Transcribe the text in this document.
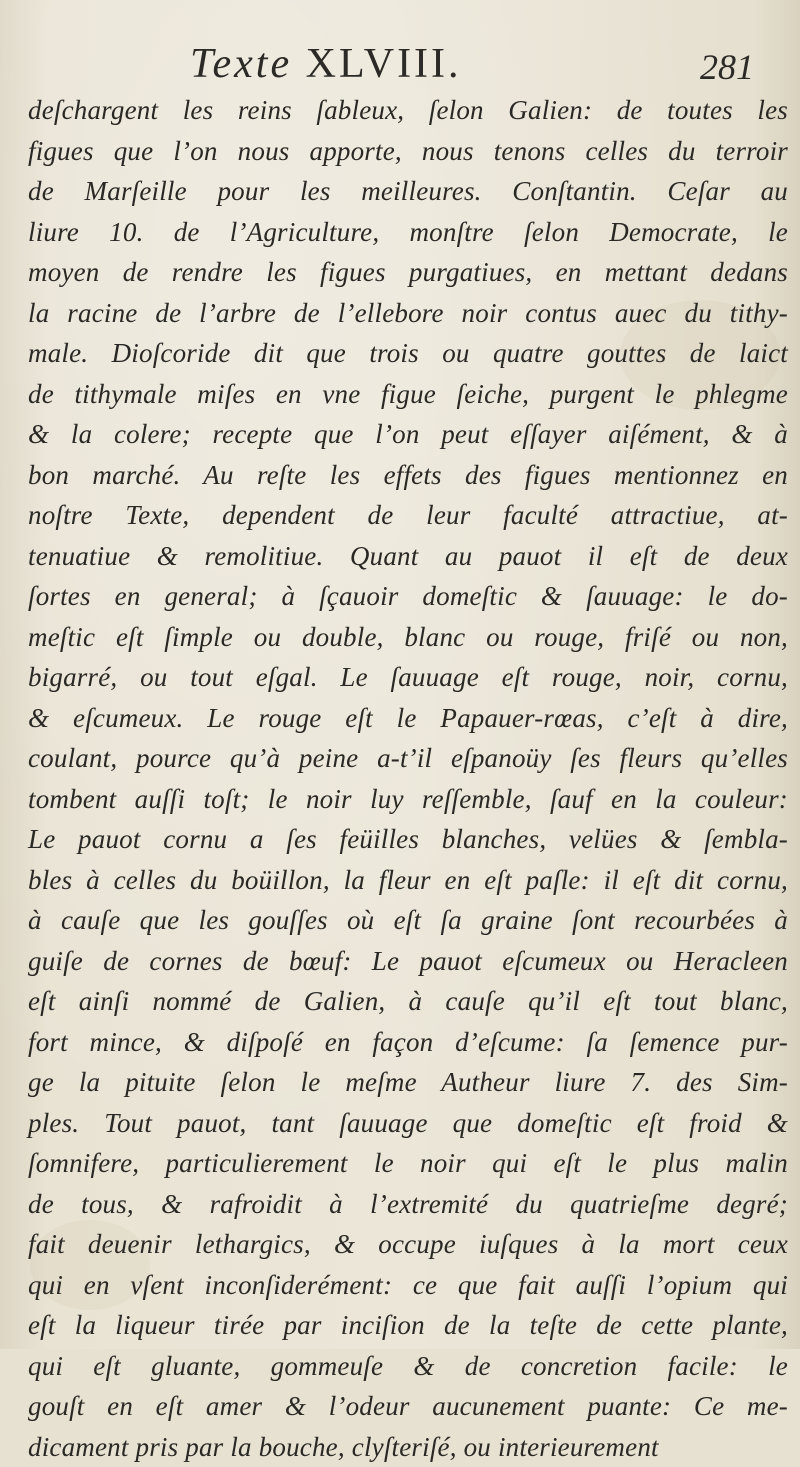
Texte XLVIII.	281
deſchargent les reins ſableux, ſelon Galien: de toutes les
figues que l’on nous apporte, nous tenons celles du terroir
de Marſeille pour les meilleures. Conſtantin. Ceſar au
liure 10. de l’Agriculture, monſtre ſelon Democrate, le
moyen de rendre les figues purgatiues, en mettant dedans
la racine de l’arbre de l’ellebore noir contus auec du tithy-
male. Dioſcoride dit que trois ou quatre gouttes de laict
de tithymale miſes en vne figue ſeiche, purgent le phlegme
& la colere; recepte que l’on peut eſſayer aiſément, & à
bon marché. Au reſte les effets des figues mentionnez en
noſtre Texte, dependent de leur faculté attractiue, at-
tenuatiue & remolitiue. Quant au pauot il eſt de deux
ſortes en general; à ſçauoir domeſtic & ſauuage: le do-
meſtic eſt ſimple ou double, blanc ou rouge, friſé ou non,
bigarré, ou tout eſgal. Le ſauuage eſt rouge, noir, cornu,
& eſcumeux. Le rouge eſt le Papauer-rœas, c’eſt à dire,
coulant, pource qu’à peine a-t’il eſpanoüy ſes fleurs qu’elles
tombent auſſi toſt; le noir luy reſſemble, ſauf en la couleur:
Le pauot cornu a ſes feüilles blanches, velües & ſembla-
bles à celles du boüillon, la fleur en eſt paſle: il eſt dit cornu,
à cauſe que les gouſſes où eſt ſa graine ſont recourbées à
guiſe de cornes de bœuf: Le pauot eſcumeux ou Heracleen
eſt ainſi nommé de Galien, à cauſe qu’il eſt tout blanc,
fort mince, & diſpoſé en façon d’eſcume: ſa ſemence pur-
ge la pituite ſelon le meſme Autheur liure 7. des Sim-
ples. Tout pauot, tant ſauuage que domeſtic eſt froid &
ſomnifere, particulierement le noir qui eſt le plus malin
de tous, & rafroidit à l’extremité du quatrieſme degré;
fait deuenir lethargics, & occupe iuſques à la mort ceux
qui en vſent inconſiderément: ce que fait auſſi l’opium qui
eſt la liqueur tirée par inciſion de la teſte de cette plante,
qui eſt gluante, gommeuſe & de concretion facile: le
gouſt en eſt amer & l’odeur aucunement puante: Ce me-
dicament pris par la bouche, clyſteriſé, ou interieurement
